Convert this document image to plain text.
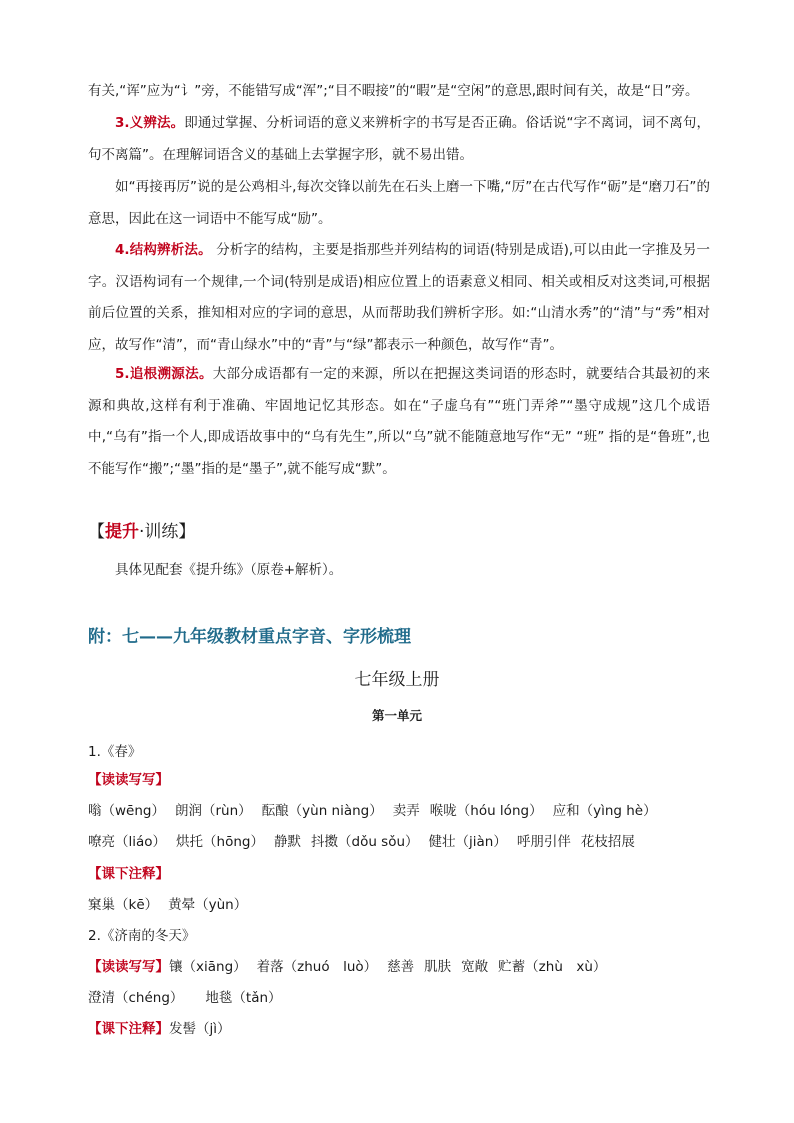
有关,“诨”应为“讠”旁，不能错写成“浑”;“目不暇接”的“暇”是“空闲”的意思,跟时间有关，故是“日”旁。

3.义辨法。即通过掌握、分析词语的意义来辨析字的书写是否正确。俗话说“字不离词，词不离句，句不离篇”。在理解词语含义的基础上去掌握字形，就不易出错。

如“再接再厉”说的是公鸡相斗,每次交锋以前先在石头上磨一下嘴,“厉”在古代写作“砺”是“磨刀石”的意思，因此在这一词语中不能写成“励”。

4.结构辨析法。 分析字的结构，主要是指那些并列结构的词语(特别是成语),可以由此一字推及另一字。汉语构词有一个规律,一个词(特别是成语)相应位置上的语素意义相同、相关或相反对这类词,可根据前后位置的关系，推知相对应的字词的意思，从而帮助我们辨析字形。如:“山清水秀”的“清”与“秀”相对应，故写作“清”，而“青山绿水”中的“青”与“绿”都表示一种颜色，故写作“青”。

5.追根溯源法。大部分成语都有一定的来源，所以在把握这类词语的形态时，就要结合其最初的来源和典故,这样有利于准确、牢固地记忆其形态。如在“子虚乌有”“班门弄斧”“墨守成规”这几个成语中,“乌有”指一个人,即成语故事中的“乌有先生”,所以“乌”就不能随意地写作“无” “班” 指的是“鲁班”,也不能写作“搬”;“墨”指的是“墨子”,就不能写成“默”。

【提升·训练】

具体见配套《提升练》（原卷+解析）。

附：七——九年级教材重点字音、字形梳理

七年级上册

第一单元

1.《春》

【读读写写】

嗡（wēng） 朗润（rùn） 酝酿（yùn niàng） 卖弄 喉咙（hóu lóng） 应和（yìng hè）

嘹亮（liáo） 烘托（hōng） 静默 抖擞（dǒu sǒu） 健壮（jiàn） 呼朋引伴 花枝招展

【课下注释】

窠巢（kē） 黄晕（yùn）

2.《济南的冬天》

【读读写写】镶（xiāng） 着落（zhuó　luò） 慈善 肌肤 宽敞 贮蓄（zhù　xù）

澄清（chéng） 地毯（tǎn）

【课下注释】发髻（jì）
